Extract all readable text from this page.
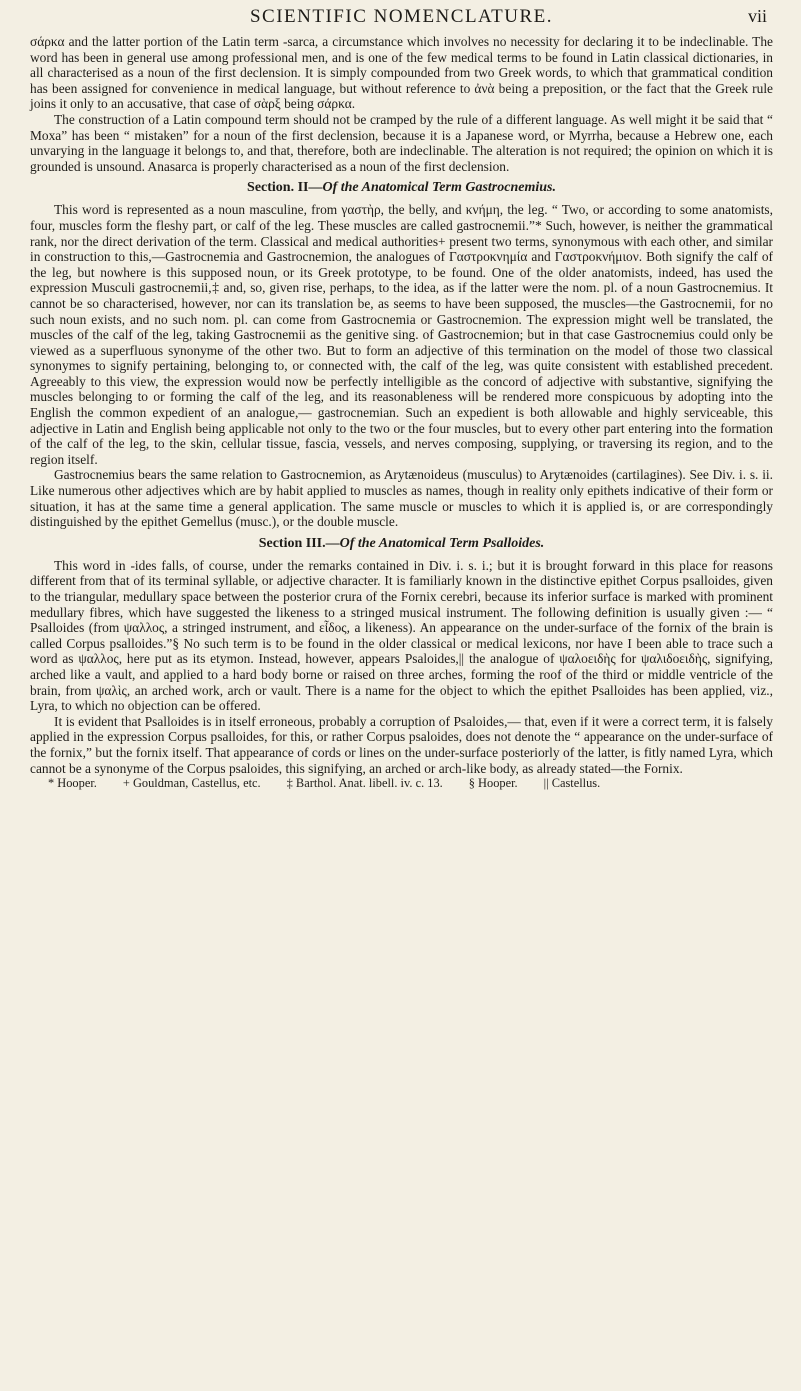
SCIENTIFIC NOMENCLATURE.	vii

σάρκα and the latter portion of the Latin term -sarca, a circumstance which involves no necessity for declaring it to be indeclinable. The word has been in general use among professional men, and is one of the few medical terms to be found in Latin classical dictionaries, in all characterised as a noun of the first declension. It is simply compounded from two Greek words, to which that grammatical condition has been assigned for convenience in medical language, but without reference to ἀνὰ being a preposition, or the fact that the Greek rule joins it only to an accusative, that case of σὰρξ being σάρκα.

The construction of a Latin compound term should not be cramped by the rule of a different language. As well might it be said that “ Moxa” has been “ mistaken” for a noun of the first declension, because it is a Japanese word, or Myrrha, because a Hebrew one, each unvarying in the language it belongs to, and that, therefore, both are indeclinable. The alteration is not required; the opinion on which it is grounded is unsound. Anasarca is properly characterised as a noun of the first declension.

Section. II—Of the Anatomical Term Gastrocnemius.

This word is represented as a noun masculine, from γαστὴρ, the belly, and κνήμη, the leg. “ Two, or according to some anatomists, four, muscles form the fleshy part, or calf of the leg. These muscles are called gastrocnemii.”* Such, however, is neither the grammatical rank, nor the direct derivation of the term. Classical and medical authorities+ present two terms, synonymous with each other, and similar in construction to this,—Gastrocnemia and Gastrocnemion, the analogues of Γαστροκνημία and Γαστροκνήμιον. Both signify the calf of the leg, but nowhere is this supposed noun, or its Greek prototype, to be found. One of the older anatomists, indeed, has used the expression Musculi gastrocnemii,‡ and, so, given rise, perhaps, to the idea, as if the latter were the nom. pl. of a noun Gastrocnemius. It cannot be so characterised, however, nor can its translation be, as seems to have been supposed, the muscles—the Gastrocnemii, for no such noun exists, and no such nom. pl. can come from Gastrocnemia or Gastrocnemion. The expression might well be translated, the muscles of the calf of the leg, taking Gastrocnemii as the genitive sing. of Gastrocnemion; but in that case Gastrocnemius could only be viewed as a superfluous synonyme of the other two. But to form an adjective of this termination on the model of those two classical synonymes to signify pertaining, belonging to, or connected with, the calf of the leg, was quite consistent with established precedent. Agreeably to this view, the expression would now be perfectly intelligible as the concord of adjective with substantive, signifying the muscles belonging to or forming the calf of the leg, and its reasonableness will be rendered more conspicuous by adopting into the English the common expedient of an analogue,— gastrocnemian. Such an expedient is both allowable and highly serviceable, this adjective in Latin and English being applicable not only to the two or the four muscles, but to every other part entering into the formation of the calf of the leg, to the skin, cellular tissue, fascia, vessels, and nerves composing, supplying, or traversing its region, and to the region itself.

Gastrocnemius bears the same relation to Gastrocnemion, as Arytænoideus (musculus) to Arytænoides (cartilagines). See Div. i. s. ii. Like numerous other adjectives which are by habit applied to muscles as names, though in reality only epithets indicative of their form or situation, it has at the same time a general application. The same muscle or muscles to which it is applied is, or are correspondingly distinguished by the epithet Gemellus (musc.), or the double muscle.

Section III.—Of the Anatomical Term Psalloides.

This word in -ides falls, of course, under the remarks contained in Div. i. s. i.; but it is brought forward in this place for reasons different from that of its terminal syllable, or adjective character. It is familiarly known in the distinctive epithet Corpus psalloides, given to the triangular, medullary space between the posterior crura of the Fornix cerebri, because its inferior surface is marked with prominent medullary fibres, which have suggested the likeness to a stringed musical instrument. The following definition is usually given :— “ Psalloides (from ψαλλος, a stringed instrument, and εἶδος, a likeness). An appearance on the under-surface of the fornix of the brain is called Corpus psalloides.”§ No such term is to be found in the older classical or medical lexicons, nor have I been able to trace such a word as ψαλλος, here put as its etymon. Instead, however, appears Psaloides,|| the analogue of ψαλοειδὴς for ψαλιδοειδὴς, signifying, arched like a vault, and applied to a hard body borne or raised on three arches, forming the roof of the third or middle ventricle of the brain, from ψαλὶς, an arched work, arch or vault. There is a name for the object to which the epithet Psalloides has been applied, viz., Lyra, to which no objection can be offered.

It is evident that Psalloides is in itself erroneous, probably a corruption of Psaloides,— that, even if it were a correct term, it is falsely applied in the expression Corpus psalloides, for this, or rather Corpus psaloides, does not denote the “ appearance on the under-surface of the fornix,” but the fornix itself. That appearance of cords or lines on the under-surface posteriorly of the latter, is fitly named Lyra, which cannot be a synonyme of the Corpus psaloides, this signifying, an arched or arch-like body, as already stated—the Fornix.

* Hooper. + Gouldman, Castellus, etc. ‡ Barthol. Anat. libell. iv. c. 13. § Hooper. || Castellus.
